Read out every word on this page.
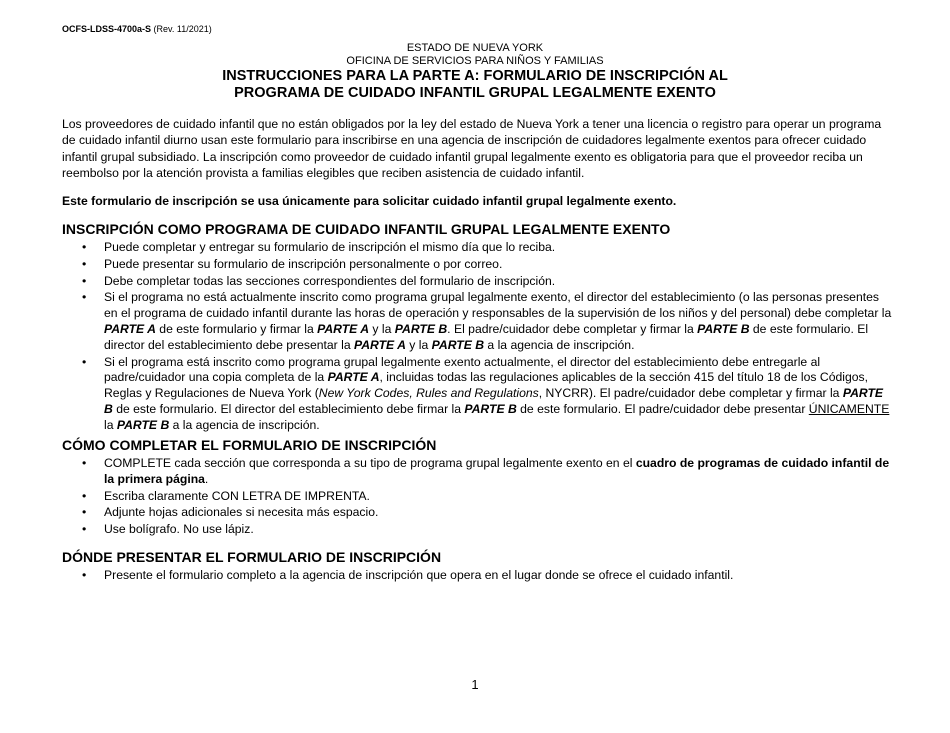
OCFS-LDSS-4700a-S (Rev. 11/2021)
ESTADO DE NUEVA YORK
OFICINA DE SERVICIOS PARA NIÑOS Y FAMILIAS
INSTRUCCIONES PARA LA PARTE A: FORMULARIO DE INSCRIPCIÓN AL
PROGRAMA DE CUIDADO INFANTIL GRUPAL LEGALMENTE EXENTO
Los proveedores de cuidado infantil que no están obligados por la ley del estado de Nueva York a tener una licencia o registro para operar un programa de cuidado infantil diurno usan este formulario para inscribirse en una agencia de inscripción de cuidadores legalmente exentos para ofrecer cuidado infantil grupal subsidiado. La inscripción como proveedor de cuidado infantil grupal legalmente exento es obligatoria para que el proveedor reciba un reembolso por la atención provista a familias elegibles que reciben asistencia de cuidado infantil.
Este formulario de inscripción se usa únicamente para solicitar cuidado infantil grupal legalmente exento.
INSCRIPCIÓN COMO PROGRAMA DE CUIDADO INFANTIL GRUPAL LEGALMENTE EXENTO
• Puede completar y entregar su formulario de inscripción el mismo día que lo reciba.
• Puede presentar su formulario de inscripción personalmente o por correo.
• Debe completar todas las secciones correspondientes del formulario de inscripción.
• Si el programa no está actualmente inscrito como programa grupal legalmente exento, el director del establecimiento (o las personas presentes en el programa de cuidado infantil durante las horas de operación y responsables de la supervisión de los niños y del personal) debe completar la PARTE A de este formulario y firmar la PARTE A y la PARTE B. El padre/cuidador debe completar y firmar la PARTE B de este formulario. El director del establecimiento debe presentar la PARTE A y la PARTE B a la agencia de inscripción.
• Si el programa está inscrito como programa grupal legalmente exento actualmente, el director del establecimiento debe entregarle al padre/cuidador una copia completa de la PARTE A, incluidas todas las regulaciones aplicables de la sección 415 del título 18 de los Códigos, Reglas y Regulaciones de Nueva York (New York Codes, Rules and Regulations, NYCRR). El padre/cuidador debe completar y firmar la PARTE B de este formulario. El director del establecimiento debe firmar la PARTE B de este formulario. El padre/cuidador debe presentar ÚNICAMENTE la PARTE B a la agencia de inscripción.
CÓMO COMPLETAR EL FORMULARIO DE INSCRIPCIÓN
• COMPLETE cada sección que corresponda a su tipo de programa grupal legalmente exento en el cuadro de programas de cuidado infantil de la primera página.
• Escriba claramente CON LETRA DE IMPRENTA.
• Adjunte hojas adicionales si necesita más espacio.
• Use bolígrafo. No use lápiz.
DÓNDE PRESENTAR EL FORMULARIO DE INSCRIPCIÓN
• Presente el formulario completo a la agencia de inscripción que opera en el lugar donde se ofrece el cuidado infantil.
1
